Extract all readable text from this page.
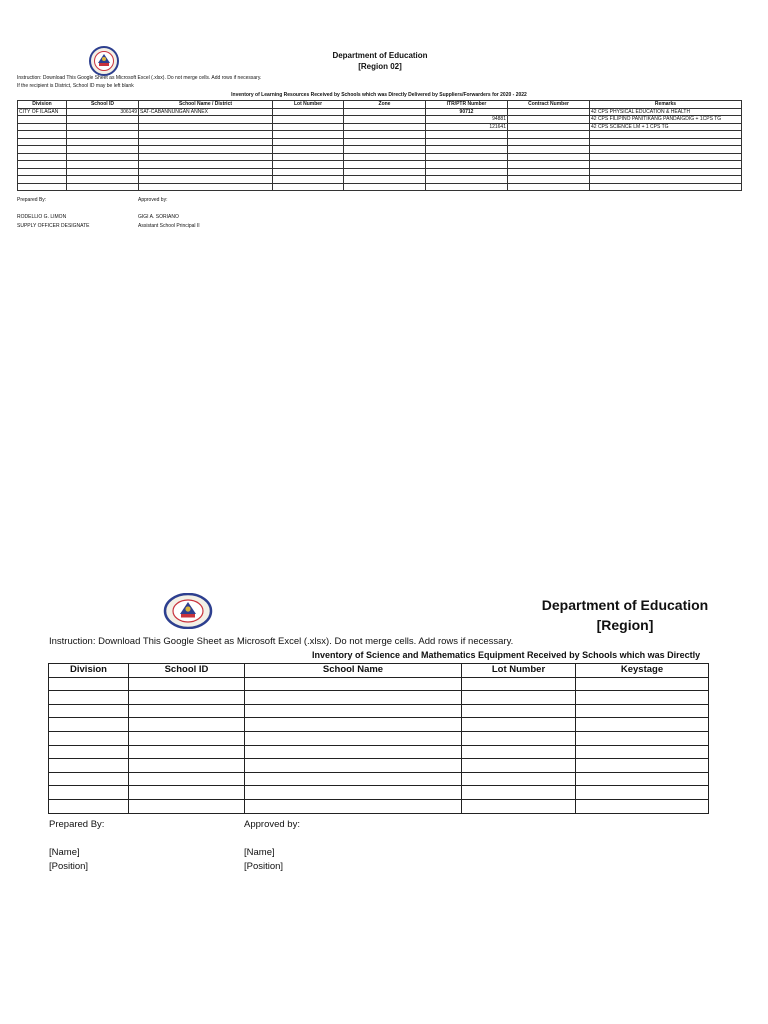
Department of Education
[Region 02]
Instruction: Download This Google Sheet as Microsoft Excel (.xlsx). Do not merge cells. Add rows if necessary.
If the recipient is District, School ID may be left blank
Inventory of Learning Resources Received by Schools which was Directly Delivered by Suppliers/Forwarders for 2020 - 2022
Division	School ID	School Name / District	Lot Number	Zone	ITR/PTR Number	Contract Number	Remarks
CITY OF ILAGAN	306149	SAT-CABANNUNGAN ANNEX			90712		42 CPS PHYSICAL EDUCATION & HEALTH
					94881		42 CPS FILIPINO PANITIKANG PANDAIGDIG + 1CPS TG
					121641		42 CPS SCIENCE LM + 1 CPS TG

Prepared By:	Approved by:
RODELLIO G. LIMON	GIGI A. SORIANO
SUPPLY OFFICER DESIGNATE	Assistant School Principal II
Department of Education
[Region]
Instruction: Download This Google Sheet as Microsoft Excel (.xlsx). Do not merge cells. Add rows if necessary.
Inventory of Science and Mathematics Equipment Received by Schools which was Directly
Division	School ID	School Name	Lot Number	Keystage

Prepared By:	Approved by:
[Name]	[Name]
[Position]	[Position]
